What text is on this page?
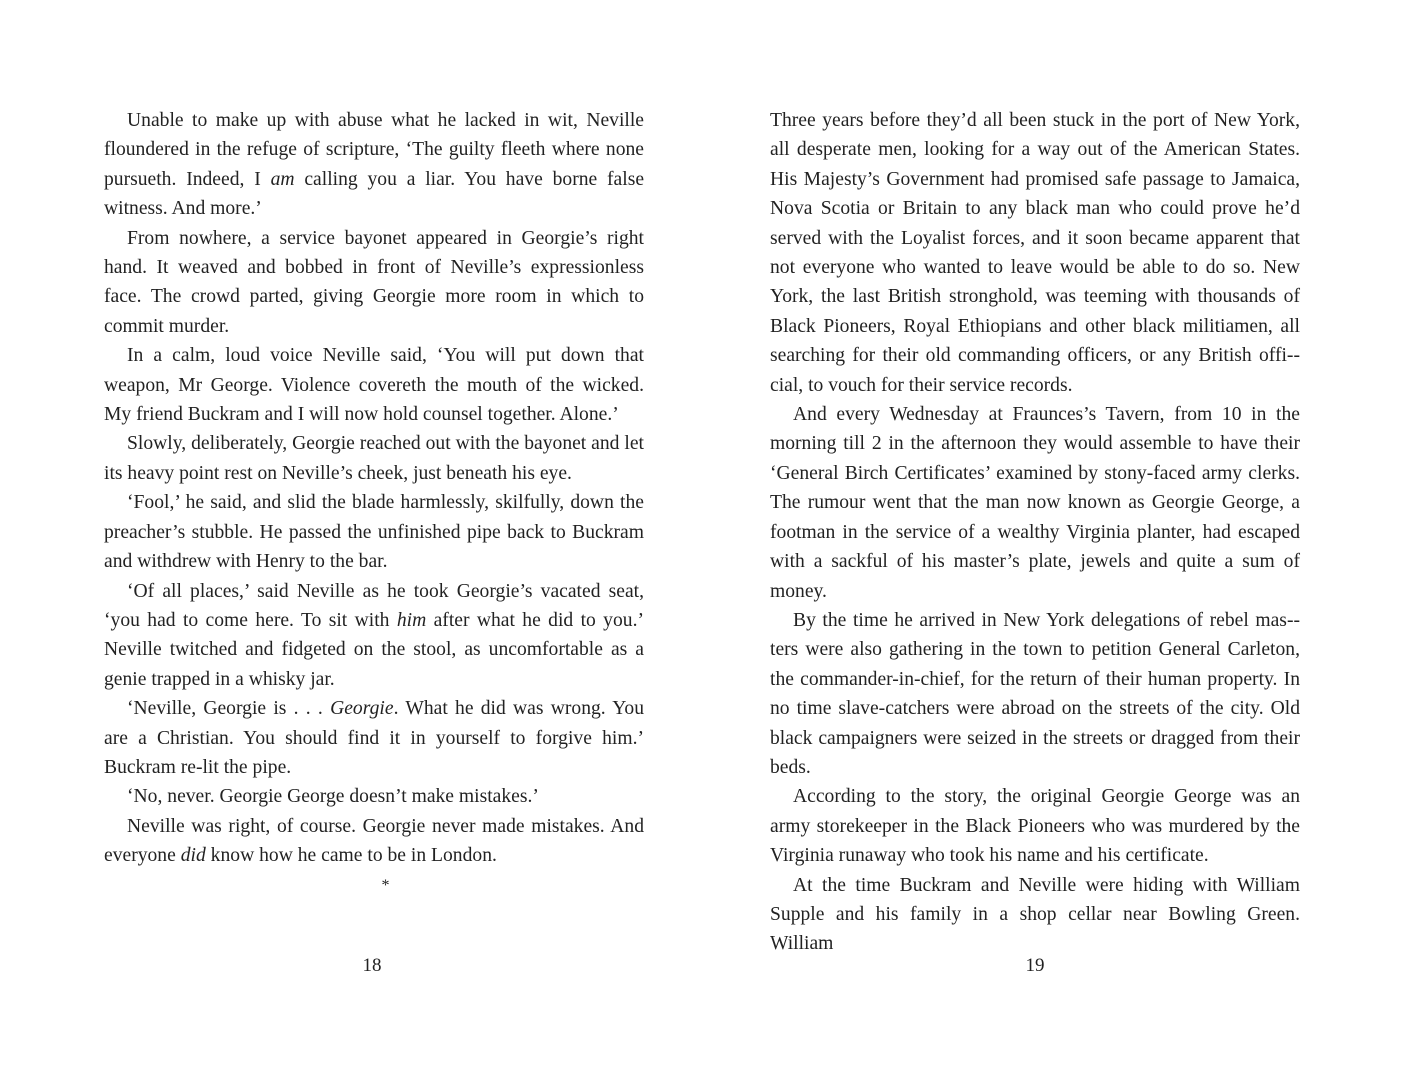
Unable to make up with abuse what he lacked in wit, Neville floundered in the refuge of scripture, ‘The guilty fleeth where none pursueth. Indeed, I am calling you a liar. You have borne false witness. And more.’

From nowhere, a service bayonet appeared in Georgie’s right hand. It weaved and bobbed in front of Neville’s expressionless face. The crowd parted, giving Georgie more room in which to commit murder.

In a calm, loud voice Neville said, ‘You will put down that weapon, Mr George. Violence covereth the mouth of the wicked. My friend Buckram and I will now hold counsel together. Alone.’

Slowly, deliberately, Georgie reached out with the bayonet and let its heavy point rest on Neville’s cheek, just beneath his eye.

‘Fool,’ he said, and slid the blade harmlessly, skilfully, down the preacher’s stubble. He passed the unfinished pipe back to Buckram and withdrew with Henry to the bar.

‘Of all places,’ said Neville as he took Georgie’s vacated seat, ‘you had to come here. To sit with him after what he did to you.’ Neville twitched and fidgeted on the stool, as uncomfortable as a genie trapped in a whisky jar.

‘Neville, Georgie is . . . Georgie. What he did was wrong. You are a Christian. You should find it in yourself to forgive him.’ Buckram re-lit the pipe.

‘No, never. Georgie George doesn’t make mistakes.’

Neville was right, of course. Georgie never made mistakes. And everyone did know how he came to be in London.

*

Three years before they’d all been stuck in the port of New York, all desperate men, looking for a way out of the American States. His Majesty’s Government had promised safe passage to Jamaica, Nova Scotia or Britain to any black man who could prove he’d served with the Loyalist forces, and it soon became apparent that not everyone who wanted to leave would be able to do so. New York, the last British stronghold, was teeming with thousands of Black Pioneers, Royal Ethiopians and other black militiamen, all searching for their old commanding officers, or any British offi-cial, to vouch for their service records.

And every Wednesday at Fraunces’s Tavern, from 10 in the morning till 2 in the afternoon they would assemble to have their ‘General Birch Certificates’ examined by stony-faced army clerks. The rumour went that the man now known as Georgie George, a footman in the service of a wealthy Virginia planter, had escaped with a sackful of his master’s plate, jewels and quite a sum of money.

By the time he arrived in New York delegations of rebel mas-ters were also gathering in the town to petition General Carleton, the commander-in-chief, for the return of their human property. In no time slave-catchers were abroad on the streets of the city. Old black campaigners were seized in the streets or dragged from their beds.

According to the story, the original Georgie George was an army storekeeper in the Black Pioneers who was murdered by the Virginia runaway who took his name and his certificate.

At the time Buckram and Neville were hiding with William Supple and his family in a shop cellar near Bowling Green. William

18	19
